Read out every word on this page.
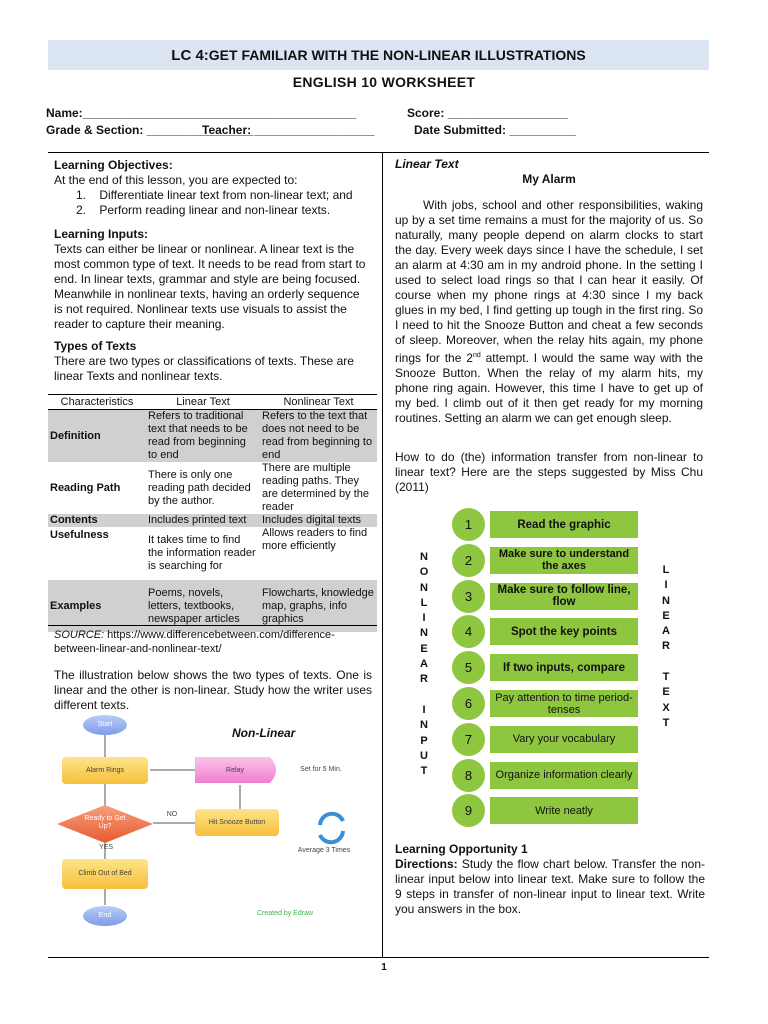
LC 4: GET FAMILIAR WITH THE NON-LINEAR ILLUSTRATIONS
ENGLISH 10 WORKSHEET
Name:_________________________________________	Score: __________________
Grade & Section: ________________
Teacher: __________________	Date Submitted: __________
Learning Objectives:
At the end of this lesson, you are expected to:
1.    Differentiate linear text from non-linear text; and
2.    Perform reading linear and non-linear texts.
Learning Inputs:
Texts can either be linear or nonlinear. A linear text is the most common type of text. It needs to be read from start to end. In linear texts, grammar and style are being focused. Meanwhile in nonlinear texts, having an orderly sequence is not required. Nonlinear texts use visuals to assist the reader to capture their meaning.
Types of Texts
There are two types or classifications of texts. These are linear Texts and nonlinear texts.
Characteristics	Linear Text	Nonlinear Text
Definition	Refers to traditional text that needs to be read from beginning to end	Refers to the text that does not need to be read from beginning to end
Reading Path	There is only one reading path decided by the author.	There are multiple reading paths. They are determined by the reader
Contents	Includes printed text	Includes digital texts
Usefulness	It takes time to find the information reader is searching for	Allows readers to find more efficiently
Examples	Poems, novels, letters, textbooks, newspaper articles	Flowcharts, knowledge map, graphs, info graphics
SOURCE: https://www.differencebetween.com/difference-between-linear-and-nonlinear-text/
The illustration below shows the two types of texts. One is linear and the other is non-linear. Study how the writer uses different texts.
Start
Alarm Rings	Relay	Set for 5 Min.
Ready to Get Up?
NO
Hit Snooze Button
Average 3 Times
YES
Climb Out of Bed
End	Created by Edraw
Non-Linear
Linear Text
My Alarm
With jobs, school and other responsibilities, waking up by a set time remains a must for the majority of us. So naturally, many people depend on alarm clocks to start the day. Every week days since I have the schedule, I set an alarm at 4:30 am in my android phone. In the setting I used to select load rings so that I can hear it easily. Of course when my phone rings at 4:30 since I my back glues in my bed, I find getting up tough in the first ring. So I need to hit the Snooze Button and cheat a few seconds of sleep. Moreover, when the relay hits again, my phone rings for the 2nd attempt. I would the same way with the Snooze Button. When the relay of my alarm hits, my phone ring again. However, this time I have to get up of my bed. I climb out of it then get ready for my morning routines. Setting an alarm we can get enough sleep.
How to do (the) information transfer from non-linear to linear text? Here are the steps suggested by Miss Chu (2011)
N
O
N
L
I
N
E
A
R

I
N
P
U
T
L
I
N
E
A
R

T
E
X
T
1	Read the graphic
2	Make sure to understand the axes
3	Make sure to follow line, flow
4	Spot the key points
5	If two inputs, compare
6	Pay attention to time period-tenses
7	Vary your vocabulary
8	Organize information clearly
9	Write neatly
Learning Opportunity 1
Directions: Study the flow chart below. Transfer the non-linear input below into linear text. Make sure to follow the 9 steps in transfer of non-linear input to linear text. Write you answers in the box.
1
